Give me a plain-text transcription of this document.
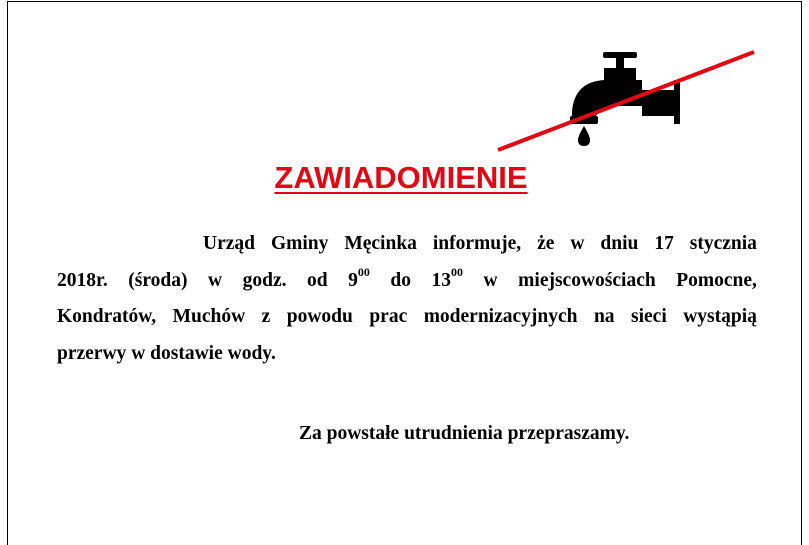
ZAWIADOMIENIE
Urząd Gminy Męcinka informuje, że w dniu 17 stycznia
2018r. (środa) w godz. od $9^{00}$ do $13^{00}$ w miejscowościach Pomocne,
Kondratów, Muchów z powodu prac modernizacyjnych na sieci wystąpią
przerwy
w
dostawie
wody.
Za powstałe utrudnienia przepraszamy.
